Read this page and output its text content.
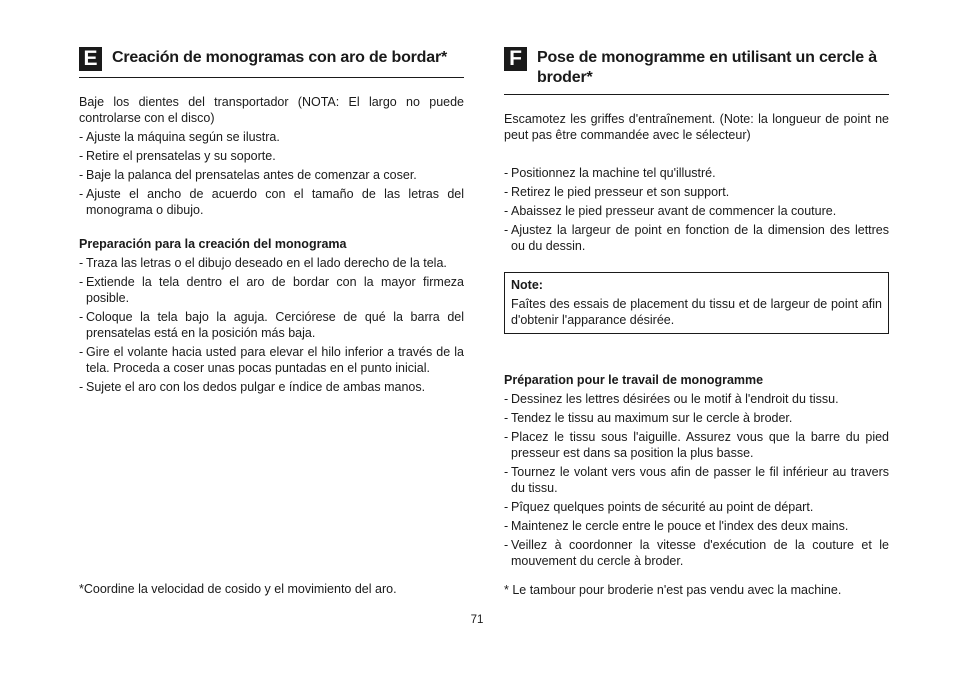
E Creación de monogramas con aro de bordar*

Baje los dientes del transportador (NOTA: El largo no puede controlarse con el disco)

- Ajuste la máquina según se ilustra.
- Retire el prensatelas y su soporte.
- Baje la palanca del prensatelas antes de comenzar a coser.
- Ajuste el ancho de acuerdo con el tamaño de las letras del monograma o dibujo.

Preparación para la creación del monograma

- Traza las letras o el dibujo deseado en el lado derecho de la tela.
- Extiende la tela dentro el aro de bordar con la mayor firmeza posible.
- Coloque la tela bajo la aguja. Cerciórese de qué la barra del prensatelas está en la posición más baja.
- Gire el volante hacia usted para elevar el hilo inferior a través de la tela. Proceda a coser unas pocas puntadas en el punto inicial.
- Sujete el aro con los dedos pulgar e índice de ambas manos.
*Coordine la velocidad de cosido y el movimiento del aro.
F Pose de monogramme en utilisant un cercle à broder*

Escamotez les griffes d'entraînement. (Note: la longueur de point ne peut pas être commandée avec le sélecteur)

- Positionnez la machine tel qu'illustré.
- Retirez le pied presseur et son support.
- Abaissez le pied presseur avant de commencer la couture.
- Ajustez la largeur de point en fonction de la dimension des lettres ou du dessin.
Note:

Faîtes des essais de placement du tissu et de largeur de point afin d'obtenir l'apparance désirée.

Préparation pour le travail de monogramme

- Dessinez les lettres désirées ou le motif à l'endroit du tissu.
- Tendez le tissu au maximum sur le cercle à broder.
- Placez le tissu sous l'aiguille. Assurez vous que la barre du pied presseur est dans sa position la plus basse.
- Tournez le volant vers vous afin de passer le fil inférieur au travers du tissu.
- Pîquez quelques points de sécurité au point de départ.
- Maintenez le cercle entre le pouce et l'index des deux mains.
- Veillez à coordonner la vitesse d'exécution de la couture et le mouvement du cercle à broder.
* Le tambour pour broderie n'est pas vendu avec la machine.
71
